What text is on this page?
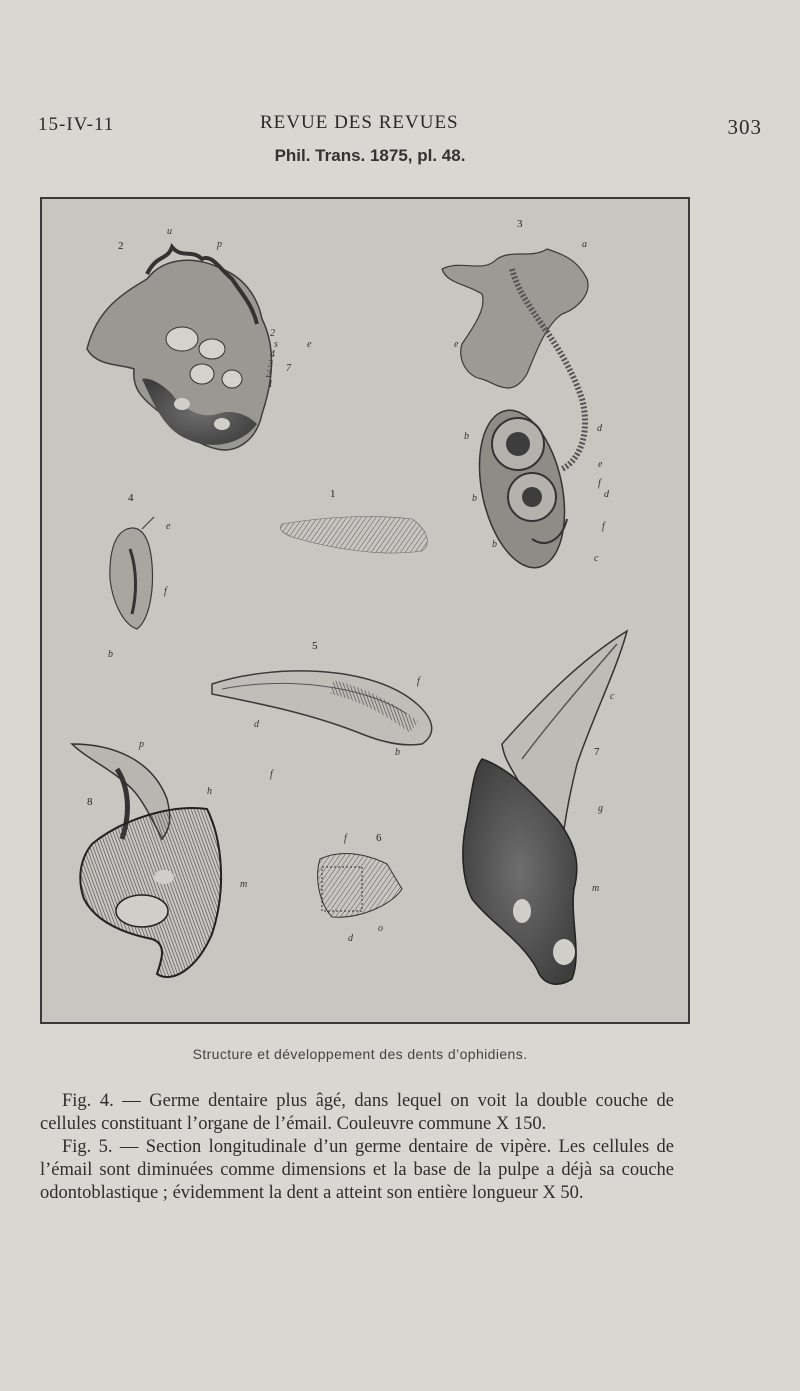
15-IV-11	REVUE DES REVUES	303
Phil. Trans. 1875, pl. 48.
1
2
3
4
5
6
7
8
u
p
2
s
4
3
2
1
e
7
a
e
d
b
e
f
d
b
f
b
c
e
f
b
f
d
b
f
d
o
c
g
m
p
h
m
f
Structure et développement des dents d’ophidiens.

Fig. 4. — Germe dentaire plus âgé, dans lequel on voit la double couche de cellules constituant l’organe de l’émail. Couleuvre commune X 150.

Fig. 5. — Section longitudinale d’un germe dentaire de vipère. Les cellules de l’émail sont diminuées comme dimensions et la base de la pulpe a déjà sa couche odontoblastique ; évidemment la dent a atteint son entière longueur X 50.
